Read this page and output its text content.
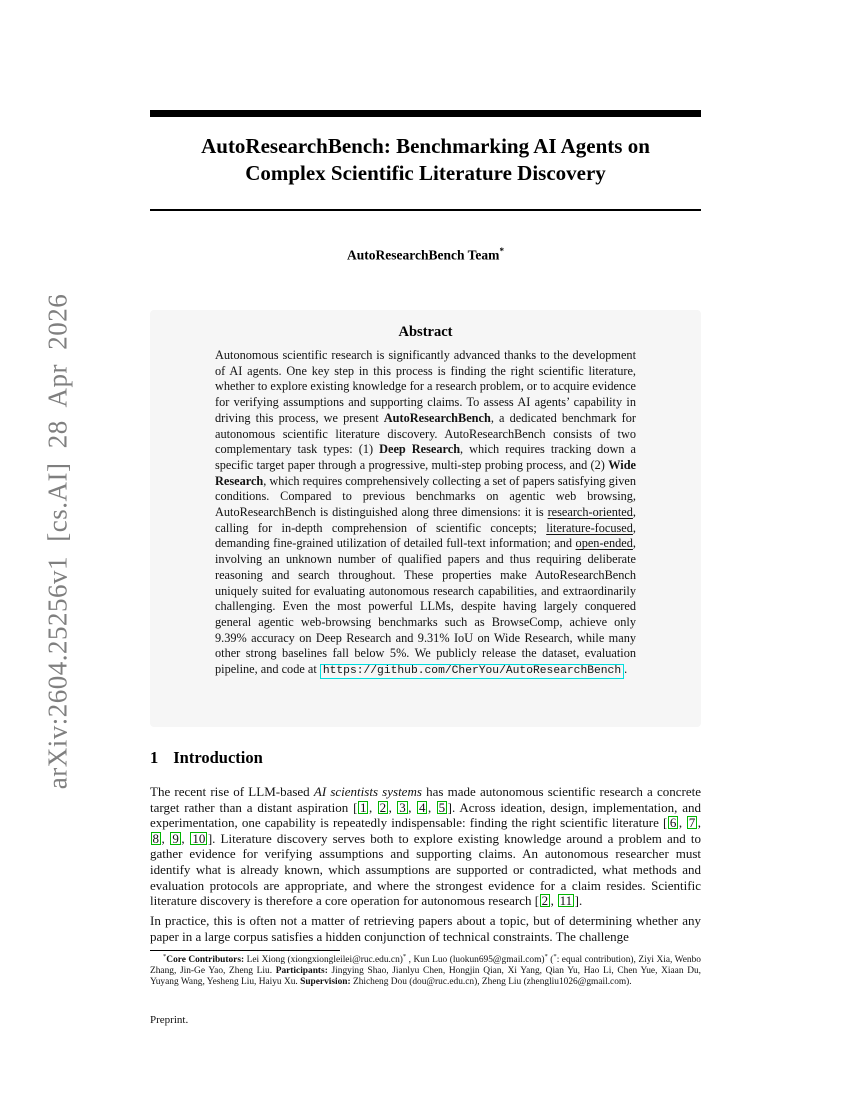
arXiv:2604.25256v1 [cs.AI] 28 Apr 2026
AutoResearchBench: Benchmarking AI Agents on
Complex Scientific Literature Discovery
AutoResearchBench Team*
Abstract
Autonomous scientific research is significantly advanced thanks to the development of AI agents. One key step in this process is finding the right scientific literature, whether to explore existing knowledge for a research problem, or to acquire evidence for verifying assumptions and supporting claims. To assess AI agents’ capability in driving this process, we present AutoResearchBench, a dedicated benchmark for autonomous scientific literature discovery. AutoResearchBench consists of two complementary task types: (1) Deep Research, which requires tracking down a specific target paper through a progressive, multi-step probing process, and (2) Wide Research, which requires comprehensively collecting a set of papers satisfying given conditions. Compared to previous benchmarks on agentic web browsing, AutoResearchBench is distinguished along three dimensions: it is research-oriented, calling for in-depth comprehension of scientific concepts; literature-focused, demanding fine-grained utilization of detailed full-text information; and open-ended, involving an unknown number of qualified papers and thus requiring deliberate reasoning and search throughout. These properties make AutoResearchBench uniquely suited for evaluating autonomous research capabilities, and extraordinarily challenging. Even the most powerful LLMs, despite having largely conquered general agentic web-browsing benchmarks such as BrowseComp, achieve only 9.39% accuracy on Deep Research and 9.31% IoU on Wide Research, while many other strong baselines fall below 5%. We publicly release the dataset, evaluation pipeline, and code at https://github.com/CherYou/AutoResearchBench .
1 Introduction
The recent rise of LLM-based AI scientists systems has made autonomous scientific research a concrete target rather than a distant aspiration [ 1 , 2 , 3 , 4 , 5 ]. Across ideation, design, implementation, and experimentation, one capability is repeatedly indispensable: finding the right scientific literature [ 6 , 7 , 8 , 9 , 10 ]. Literature discovery serves both to explore existing knowledge around a problem and to gather evidence for verifying assumptions and supporting claims. An autonomous researcher must identify what is already known, which assumptions are supported or contradicted, what methods and evaluation protocols are appropriate, and where the strongest evidence for a claim resides. Scientific literature discovery is therefore a core operation for autonomous research [ 2 , 11 ].
In practice, this is often not a matter of retrieving papers about a topic, but of determining whether any paper in a large corpus satisfies a hidden conjunction of technical constraints. The challenge
*Core Contributors: Lei Xiong (xiongxiongleilei@ruc.edu.cn)* , Kun Luo (luokun695@gmail.com)* (*: equal contribution), Ziyi Xia, Wenbo Zhang, Jin-Ge Yao, Zheng Liu. Participants: Jingying Shao, Jianlyu Chen, Hongjin Qian, Xi Yang, Qian Yu, Hao Li, Chen Yue, Xiaan Du, Yuyang Wang, Yesheng Liu, Haiyu Xu. Supervision: Zhicheng Dou (dou@ruc.edu.cn), Zheng Liu (zhengliu1026@gmail.com).
Preprint.
